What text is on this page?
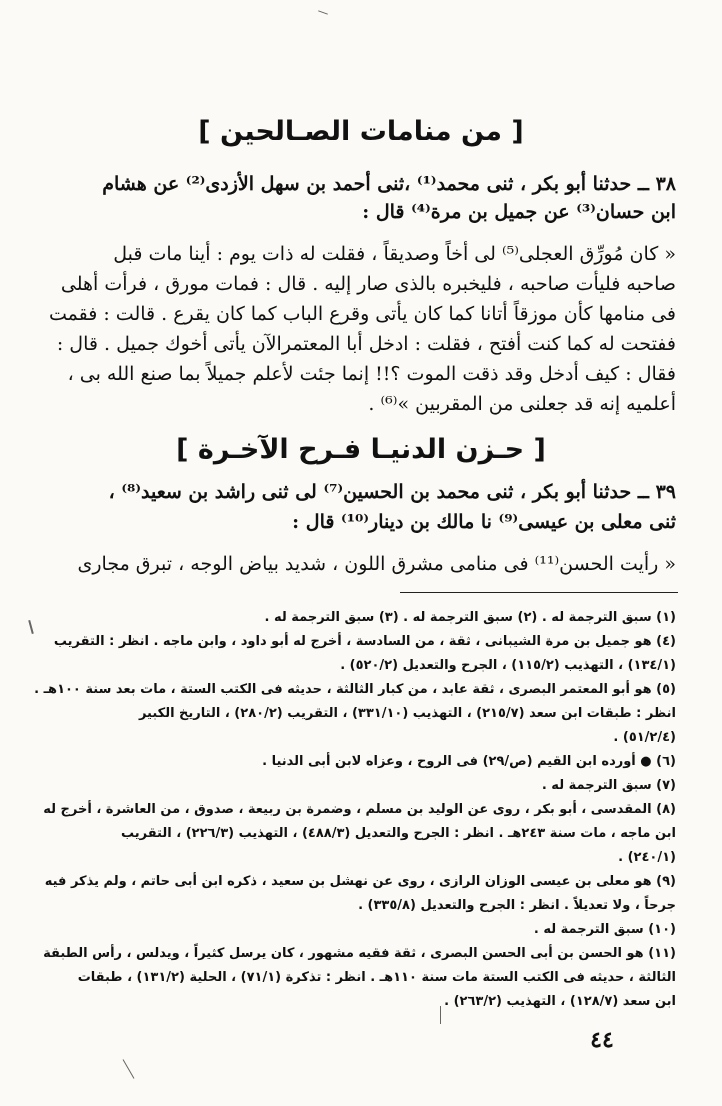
[ من منامات الصـالحين ]
٣٨ ــ حدثنا أبو بكر ، ثنى محمد⁽¹⁾ ،ثنى أحمد بن سهل الأزدى⁽²⁾ عن هشام
ابن حسان⁽³⁾ عن جميل بن مرة⁽⁴⁾ قال :
« كان مُورِّق العجلى⁽⁵⁾ لى أخاً وصديقاً ، فقلت له ذات يوم : أينا مات قبل
صاحبه فليأت صاحبه ، فليخبره بالذى صار إليه . قال : فمات مورق ، فرأت أهلى
فى منامها كأن موزقاً أتانا كما كان يأتى وقرع الباب كما كان يقرع . قالت : فقمت
ففتحت له كما كنت أفتح ، فقلت : ادخل أبا المعتمرالآن يأتى أخوك جميل . قال :
فقال : كيف أدخل وقد ذقت الموت ؟!! إنما جئت لأعلم جميلاً بما صنع الله بى ،
أعلميه إنه قد جعلنى من المقربين »⁽⁶⁾ .
[ حـزن الدنيـا فـرح الآخـرة ]
٣٩ ــ حدثنا أبو بكر ، ثنى محمد بن الحسين⁽⁷⁾ لى ثنى راشد بن سعيد⁽⁸⁾ ،
ثنى معلى بن عيسى⁽⁹⁾ نا مالك بن دينار⁽¹⁰⁾ قال :
« رأيت الحسن⁽¹¹⁾ فى منامى مشرق اللون ، شديد بياض الوجه ، تبرق مجارى
(١) سبق الترجمة له . (٢) سبق الترجمة له . (٣) سبق الترجمة له .
(٤) هو جميل بن مرة الشيبانى ، ثقة ، من السادسة ، أخرج له أبو داود ، وابن ماجه . انظر : التقريب
(١٣٤/١) ، التهذيب (١١٥/٢) ، الجرح والتعديل (٥٢٠/٢) .
(٥) هو أبو المعتمر البصرى ، ثقة عابد ، من كبار الثالثة ، حديثه فى الكتب الستة ، مات بعد سنة ١٠٠هـ .
انظر : طبقات ابن سعد (٢١٥/٧) ، التهذيب (٣٣١/١٠) ، التقريب (٢٨٠/٢) ، التاريخ الكبير
(٥١/٢/٤) .
(٦) ● أورده ابن القيم (ص/٢٩) فى الروح ، وعزاه لابن أبى الدنيا .
(٧) سبق الترجمة له .
(٨) المقدسى ، أبو بكر ، روى عن الوليد بن مسلم ، وضمرة بن ربيعة ، صدوق ، من العاشرة ، أخرج له
ابن ماجه ، مات سنة ٢٤٣هـ . انظر : الجرح والتعديل (٤٨٨/٣) ، التهذيب (٢٢٦/٣) ، التقريب
(٢٤٠/١) .
(٩) هو معلى بن عيسى الوزان الرازى ، روى عن نهشل بن سعيد ، ذكره ابن أبى حاتم ، ولم يذكر فيه
جرحاً ، ولا تعديلاً . انظر : الجرح والتعديل (٣٣٥/٨) .
(١٠) سبق الترجمة له .
(١١) هو الحسن بن أبى الحسن البصرى ، ثقة فقيه مشهور ، كان يرسل كثيراً ، ويدلس ، رأس الطبقة
الثالثة ، حديثه فى الكتب الستة مات سنة ١١٠هـ . انظر : تذكرة (٧١/١) ، الحلية (١٣١/٢) ، طبقات
ابن سعد (١٢٨/٧) ، التهذيب (٢٦٣/٢) .
٤٤
